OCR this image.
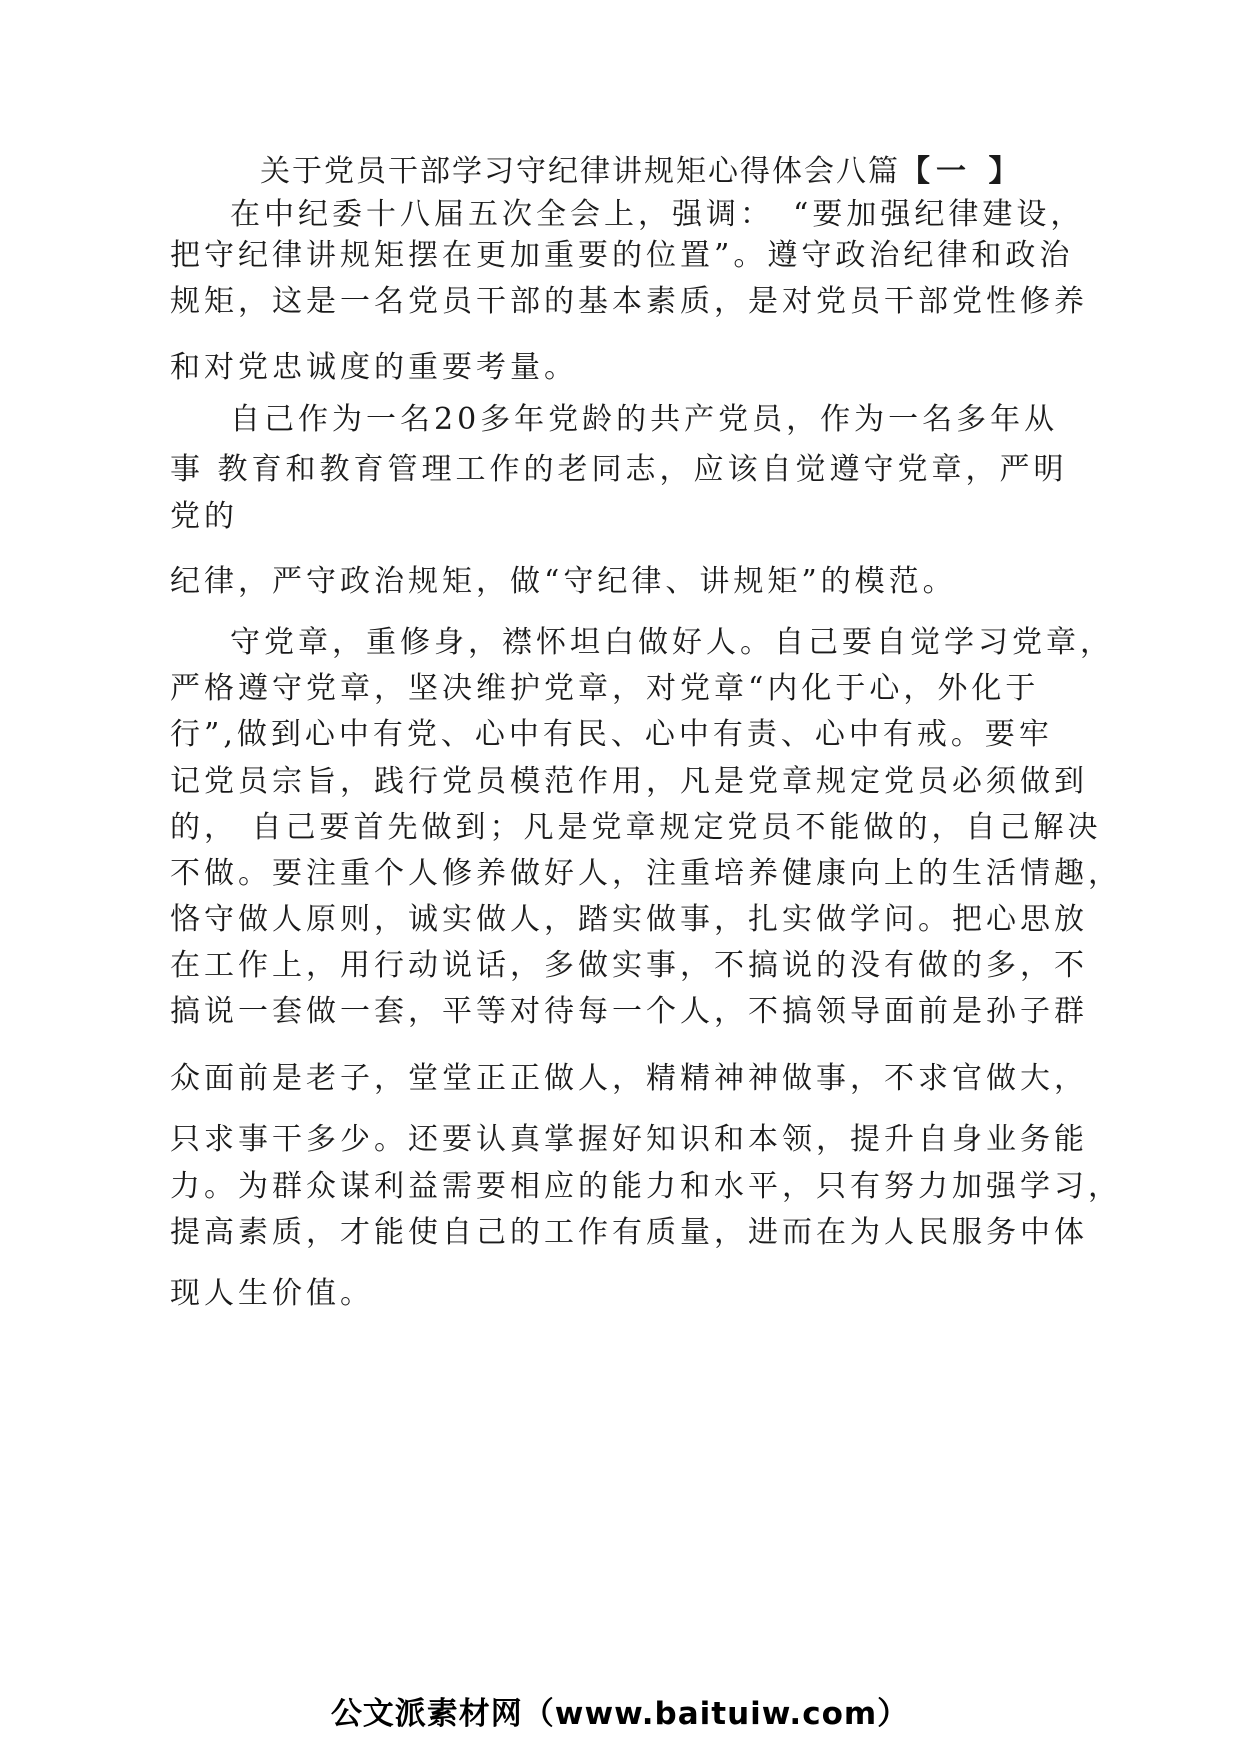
关于党员干部学习守纪律讲规矩心得体会八篇【一 】
在中纪委十八届五次全会上，强调：　“要加强纪律建设，
把守纪律讲规矩摆在更加重要的位置”。遵守政治纪律和政治
规矩，这是一名党员干部的基本素质，是对党员干部党性修养
和对党忠诚度的重要考量。
自己作为一名20多年党龄的共产党员，作为一名多年从
事 教育和教育管理工作的老同志，应该自觉遵守党章，严明
党的
纪律，严守政治规矩，做“守纪律、讲规矩”的模范。
守党章，重修身，襟怀坦白做好人。自己要自觉学习党章，
严格遵守党章，坚决维护党章，对党章“内化于心，外化于
行”,做到心中有党、心中有民、心中有责、心中有戒。要牢
记党员宗旨，践行党员模范作用，凡是党章规定党员必须做到
的， 自己要首先做到；凡是党章规定党员不能做的，自己解决
不做。要注重个人修养做好人，注重培养健康向上的生活情趣，
恪守做人原则，诚实做人，踏实做事，扎实做学问。把心思放
在工作上，用行动说话，多做实事，不搞说的没有做的多，不
搞说一套做一套，平等对待每一个人，不搞领导面前是孙子群
众面前是老子，堂堂正正做人，精精神神做事，不求官做大，
只求事干多少。还要认真掌握好知识和本领，提升自身业务能
力。为群众谋利益需要相应的能力和水平，只有努力加强学习，
提高素质，才能使自己的工作有质量，进而在为人民服务中体
现人生价值。
公文派素材网（www.baituiw.com）
